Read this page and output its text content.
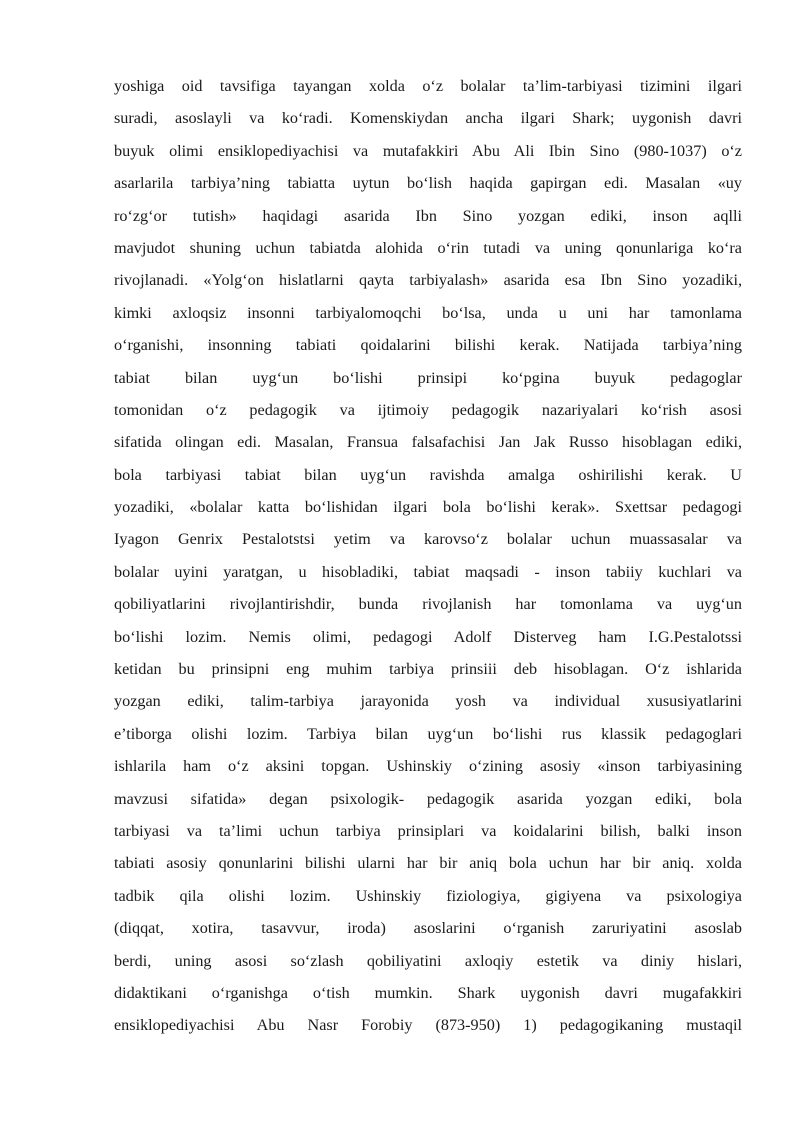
yoshiga oid tavsifiga tayangan xolda o‘z bolalar ta’lim-tarbiyasi tizimini ilgari
suradi, asoslayli va ko‘radi. Komenskiydan ancha ilgari Shark; uygonish davri
buyuk olimi ensiklopediyachisi va mutafakkiri Abu Ali Ibin Sino (980-1037) o‘z
asarlarila tarbiya’ning tabiatta uytun bo‘lish haqida gapirgan edi. Masalan «uy
ro‘zg‘or tutish» haqidagi asarida Ibn Sino yozgan ediki, inson aqlli
mavjudot shuning uchun tabiatda alohida o‘rin tutadi va uning qonunlariga ko‘ra
rivojlanadi. «Yolg‘on hislatlarni qayta tarbiyalash» asarida esa Ibn Sino yozadiki,
kimki axloqsiz insonni tarbiyalomoqchi bo‘lsa, unda u uni har tamonlama
o‘rganishi, insonning tabiati qoidalarini bilishi kerak. Natijada tarbiya’ning
tabiat bilan uyg‘un bo‘lishi prinsipi ko‘pgina buyuk pedagoglar
tomonidan o‘z pedagogik va ijtimoiy pedagogik nazariyalari ko‘rish asosi
sifatida olingan edi. Masalan, Fransua falsafachisi Jan Jak Russo hisoblagan ediki,
bola tarbiyasi tabiat bilan uyg‘un ravishda amalga oshirilishi kerak. U
yozadiki, «bolalar katta bo‘lishidan ilgari bola bo‘lishi kerak». Sxettsar pedagogi
Iyagon Genrix Pestalotstsi yetim va karovso‘z bolalar uchun muassasalar va
bolalar uyini yaratgan, u hisobladiki, tabiat maqsadi - inson tabiiy kuchlari va
qobiliyatlarini rivojlantirishdir, bunda rivojlanish har tomonlama va uyg‘un
bo‘lishi lozim. Nemis olimi, pedagogi Adolf Disterveg ham I.G.Pestalotssi
ketidan bu prinsipni eng muhim tarbiya prinsiii deb hisoblagan. O‘z ishlarida
yozgan ediki, talim-tarbiya jarayonida yosh va individual xususiyatlarini
e’tiborga olishi lozim. Tarbiya bilan uyg‘un bo‘lishi rus klassik pedagoglari
ishlarila ham o‘z aksini topgan. Ushinskiy o‘zining asosiy «inson tarbiyasining
mavzusi sifatida» degan psixologik- pedagogik asarida yozgan ediki, bola
tarbiyasi va ta’limi uchun tarbiya prinsiplari va koidalarini bilish, balki inson
tabiati asosiy qonunlarini bilishi ularni har bir aniq bola uchun har bir aniq. xolda
tadbik qila olishi lozim. Ushinskiy fiziologiya, gigiyena va psixologiya
(diqqat, xotira, tasavvur, iroda) asoslarini o‘rganish zaruriyatini asoslab
berdi, uning asosi so‘zlash qobiliyatini axloqiy estetik va diniy hislari,
didaktikani o‘rganishga o‘tish mumkin. Shark uygonish davri mugafakkiri
ensiklopediyachisi Abu Nasr Forobiy (873-950) 1) pedagogikaning mustaqil
